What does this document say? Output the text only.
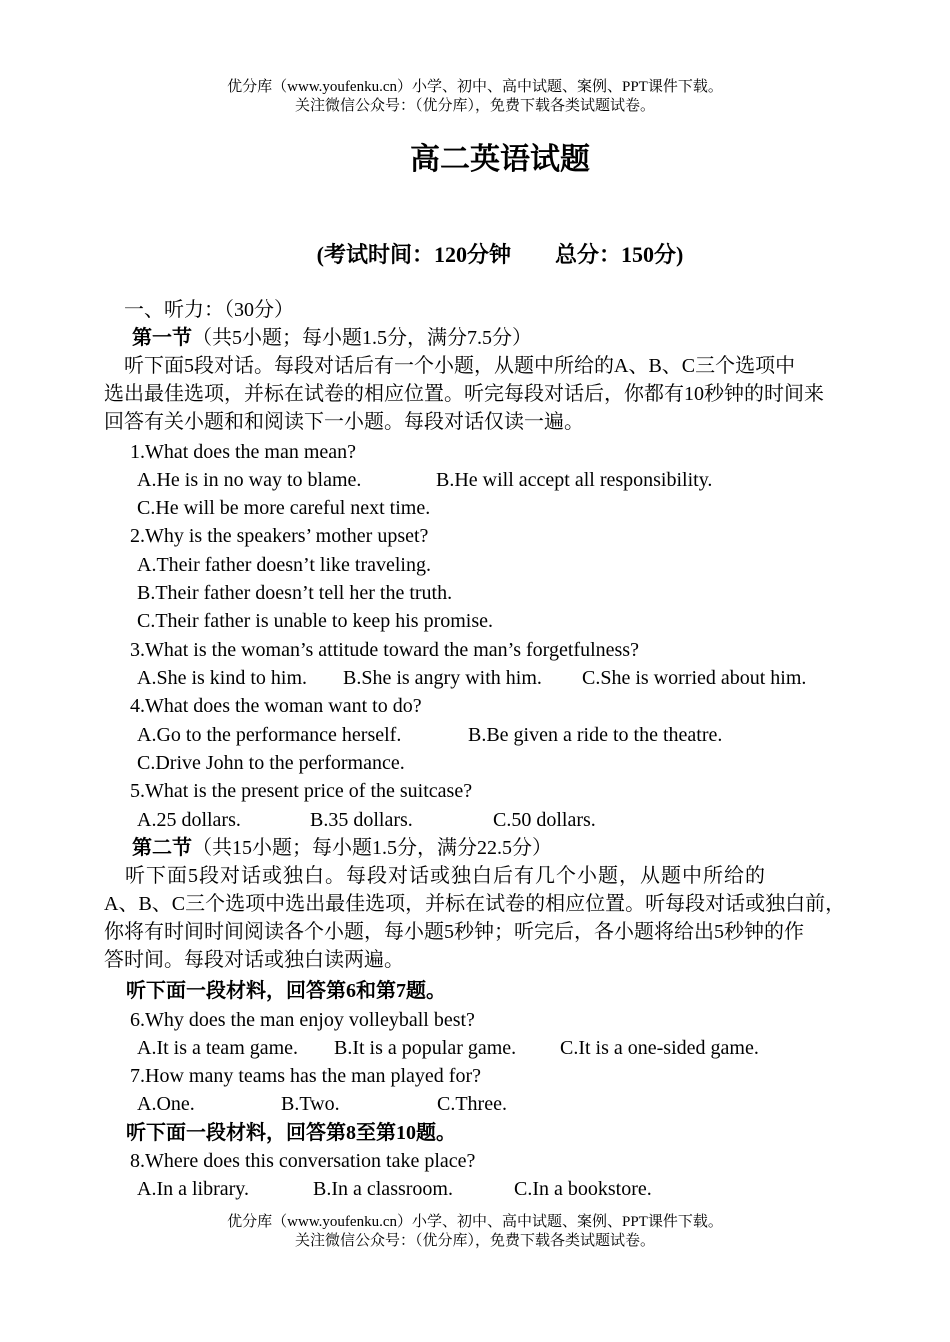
优分库（www.youfenku.cn）小学、初中、高中试题、案例、PPT课件下载。
关注微信公众号：（优分库），免费下载各类试题试卷。
高二英语试题
(考试时间：120分钟　　总分：150分)
一、听力：（30分）
第一节（共5小题；每小题1.5分，满分7.5分）
　听下面5段对话。每段对话后有一个小题，从题中所给的A、B、C三个选项中
选出最佳选项，并标在试卷的相应位置。听完每段对话后，你都有10秒钟的时间来
回答有关小题和和阅读下一小题。每段对话仅读一遍。
1.What does the man mean?
A.He is in no way to blame.	B.He will accept all responsibility.
C.He will be more careful next time.
2.Why is the speakers’ mother upset?
A.Their father doesn’t like traveling.
B.Their father doesn’t tell her the truth.
C.Their father is unable to keep his promise.
3.What is the woman’s attitude toward the man’s forgetfulness?
A.She is kind to him. B.She is angry with him. C.She is worried about him.
4.What does the woman want to do?
A.Go to the performance herself.	B.Be given a ride to the theatre.
C.Drive John to the performance.
5.What is the present price of the suitcase?
A.25 dollars.	B.35 dollars.	C.50 dollars.
第二节（共15小题；每小题1.5分，满分22.5分）
　听下面5段对话或独白。每段对话或独白后有几个小题，从题中所给的
A、B、C三个选项中选出最佳选项，并标在试卷的相应位置。听每段对话或独白前，
你将有时间时间阅读各个小题，每小题5秒钟；听完后，各小题将给出5秒钟的作
答时间。每段对话或独白读两遍。
听下面一段材料，回答第6和第7题。
6.Why does the man enjoy volleyball best?
A.It is a team game. B.It is a popular game. C.It is a one-sided game.
7.How many teams has the man played for?
A.One.	B.Two.	C.Three.
听下面一段材料，回答第8至第10题。
8.Where does this conversation take place?
A.In a library.	B.In a classroom.	C.In a bookstore.
优分库（www.youfenku.cn）小学、初中、高中试题、案例、PPT课件下载。
关注微信公众号：（优分库），免费下载各类试题试卷。
